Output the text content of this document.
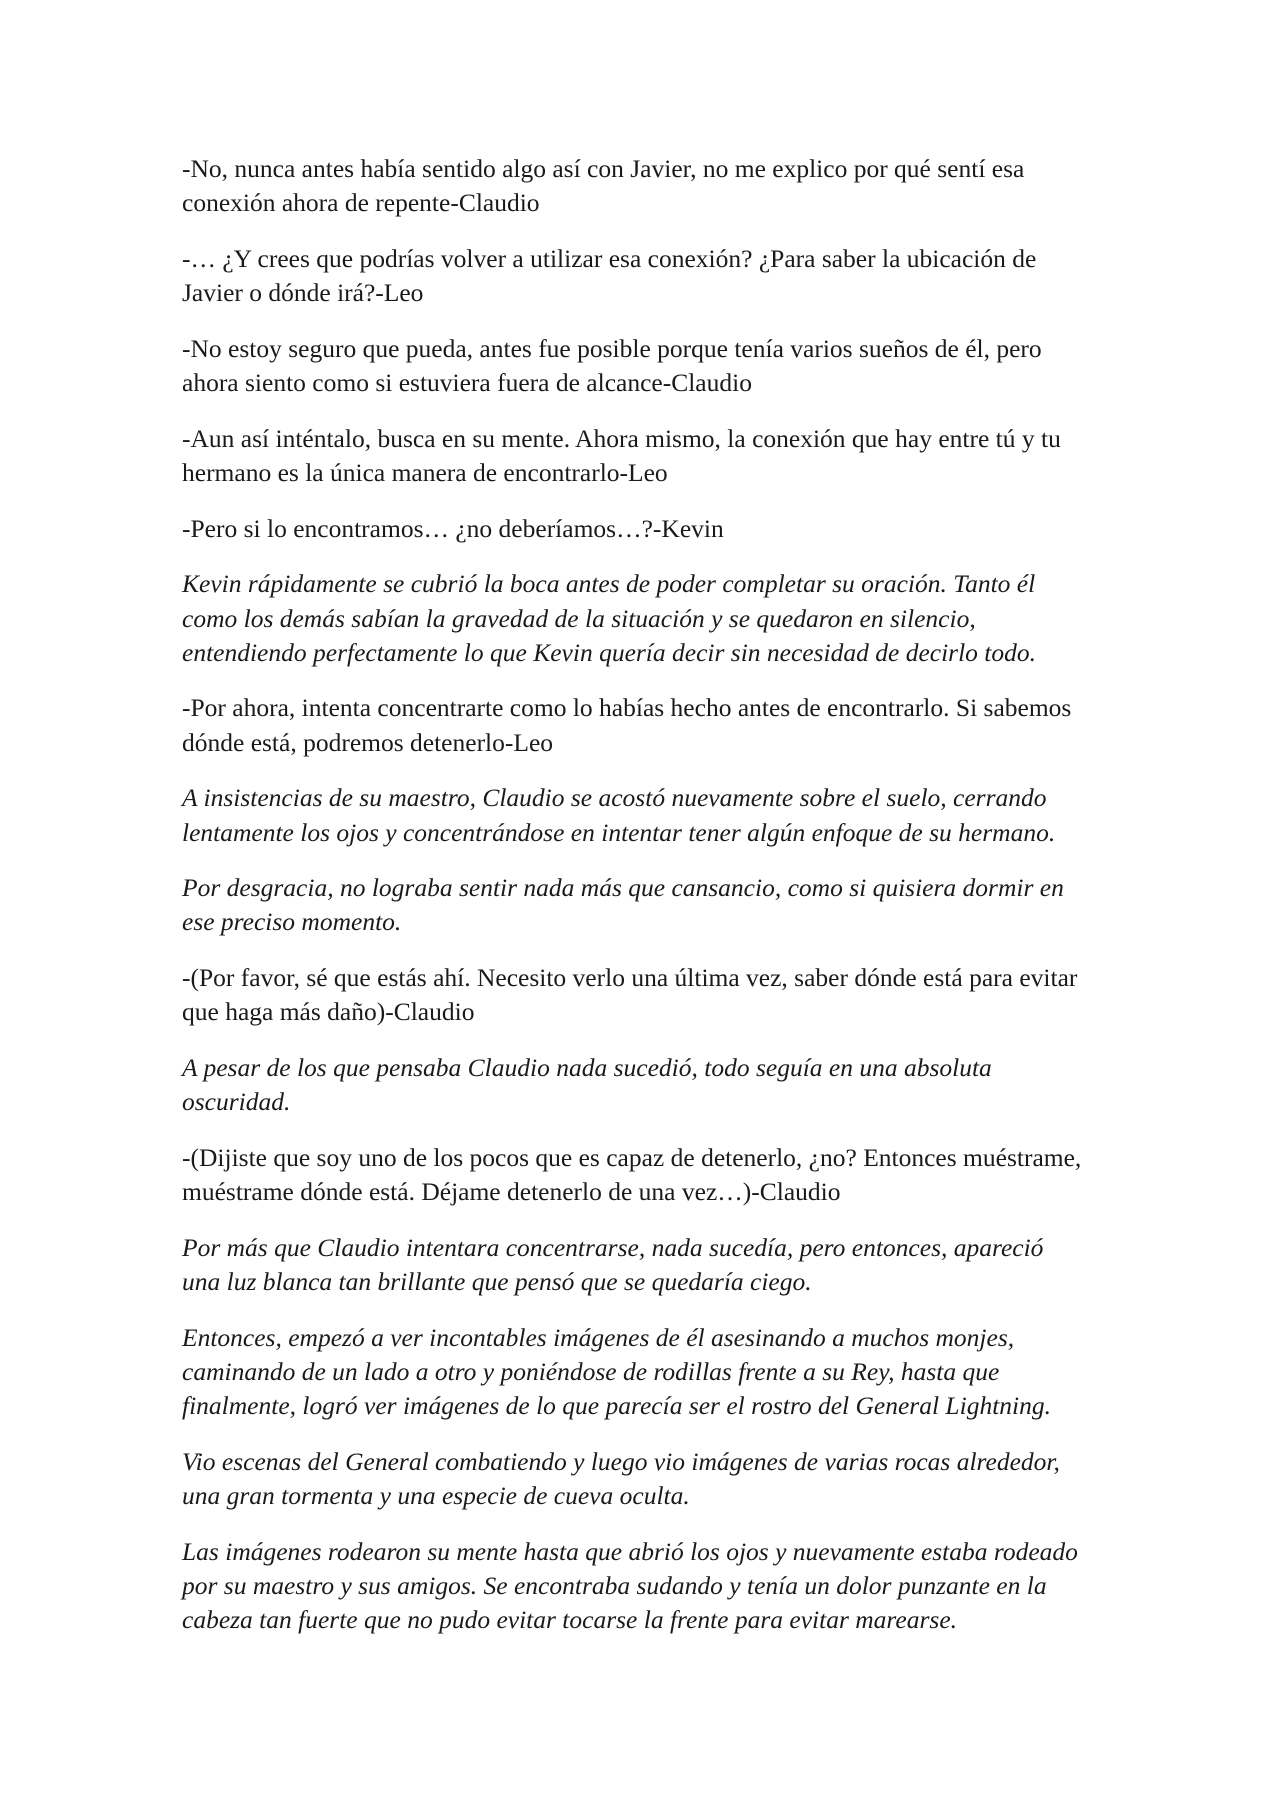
-No, nunca antes había sentido algo así con Javier, no me explico por qué sentí esa
conexión ahora de repente-Claudio

-… ¿Y crees que podrías volver a utilizar esa conexión? ¿Para saber la ubicación de
Javier o dónde irá?-Leo

-No estoy seguro que pueda, antes fue posible porque tenía varios sueños de él, pero
ahora siento como si estuviera fuera de alcance-Claudio

-Aun así inténtalo, busca en su mente. Ahora mismo, la conexión que hay entre tú y tu
hermano es la única manera de encontrarlo-Leo

-Pero si lo encontramos… ¿no deberíamos…?-Kevin

Kevin rápidamente se cubrió la boca antes de poder completar su oración. Tanto él
como los demás sabían la gravedad de la situación y se quedaron en silencio,
entendiendo perfectamente lo que Kevin quería decir sin necesidad de decirlo todo.

-Por ahora, intenta concentrarte como lo habías hecho antes de encontrarlo. Si sabemos
dónde está, podremos detenerlo-Leo

A insistencias de su maestro, Claudio se acostó nuevamente sobre el suelo, cerrando
lentamente los ojos y concentrándose en intentar tener algún enfoque de su hermano.

Por desgracia, no lograba sentir nada más que cansancio, como si quisiera dormir en
ese preciso momento.

-(Por favor, sé que estás ahí. Necesito verlo una última vez, saber dónde está para evitar
que haga más daño)-Claudio

A pesar de los que pensaba Claudio nada sucedió, todo seguía en una absoluta
oscuridad.

-(Dijiste que soy uno de los pocos que es capaz de detenerlo, ¿no? Entonces muéstrame,
muéstrame dónde está. Déjame detenerlo de una vez…)-Claudio

Por más que Claudio intentara concentrarse, nada sucedía, pero entonces, apareció
una luz blanca tan brillante que pensó que se quedaría ciego.

Entonces, empezó a ver incontables imágenes de él asesinando a muchos monjes,
caminando de un lado a otro y poniéndose de rodillas frente a su Rey, hasta que
finalmente, logró ver imágenes de lo que parecía ser el rostro del General Lightning.

Vio escenas del General combatiendo y luego vio imágenes de varias rocas alrededor,
una gran tormenta y una especie de cueva oculta.

Las imágenes rodearon su mente hasta que abrió los ojos y nuevamente estaba rodeado
por su maestro y sus amigos. Se encontraba sudando y tenía un dolor punzante en la
cabeza tan fuerte que no pudo evitar tocarse la frente para evitar marearse.
